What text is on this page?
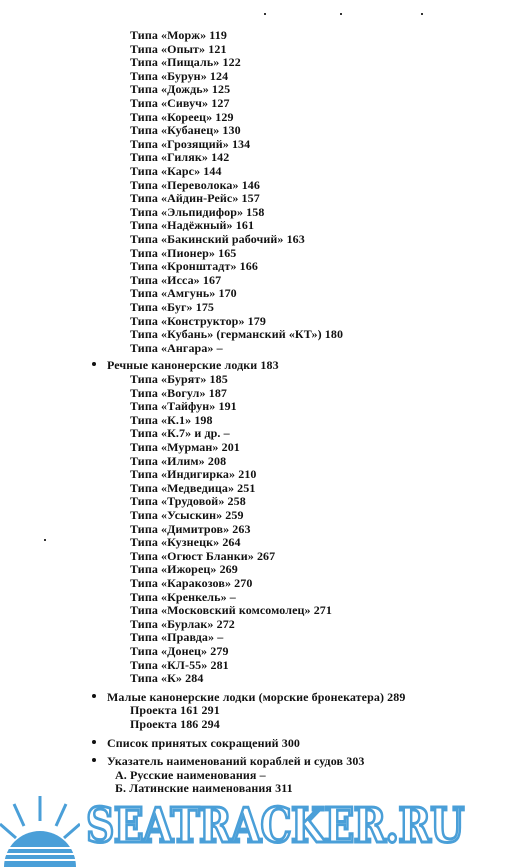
Типа «Морж» 119
Типа «Опыт» 121
Типа «Пищаль» 122
Типа «Бурун» 124
Типа «Дождь» 125
Типа «Сивуч» 127
Типа «Кореец» 129
Типа «Кубанец» 130
Типа «Грозящий» 134
Типа «Гиляк» 142
Типа «Карс» 144
Типа «Переволока» 146
Типа «Айдин-Рейс» 157
Типа «Эльпидифор» 158
Типа «Надёжный» 161
Типа «Бакинский рабочий» 163
Типа «Пионер» 165
Типа «Кронштадт» 166
Типа «Исса» 167
Типа «Амгунь» 170
Типа «Буг» 175
Типа «Конструктор» 179
Типа «Кубань» (германский «КТ») 180
Типа «Ангара» –
Речные канонерские лодки 183
Типа «Бурят» 185
Типа «Вогул» 187
Типа «Тайфун» 191
Типа «К.1» 198
Типа «К.7» и др. –
Типа «Мурман» 201
Типа «Илим» 208
Типа «Индигирка» 210
Типа «Медведица» 251
Типа «Трудовой» 258
Типа «Усыскин» 259
Типа «Димитров» 263
Типа «Кузнецк» 264
Типа «Огюст Бланки» 267
Типа «Ижорец» 269
Типа «Каракозов» 270
Типа «Кренкель» –
Типа «Московский комсомолец» 271
Типа «Бурлак» 272
Типа «Правда» –
Типа «Донец» 279
Типа «КЛ-55» 281
Типа «К» 284
Малые канонерские лодки (морские бронекатера) 289
Проекта 161 291
Проекта 186 294
Список принятых сокращений 300
Указатель наименований кораблей и судов 303
А. Русские наименования –
Б. Латинские наименования 311
SEATRACKER.RU
